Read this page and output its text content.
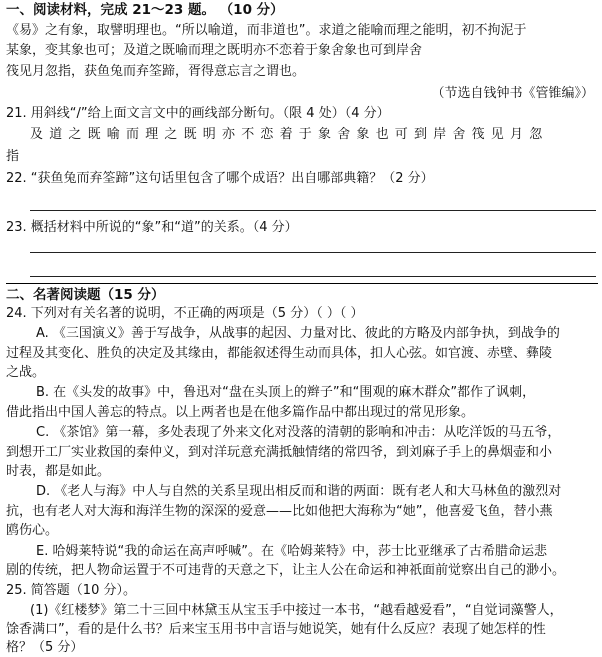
一、阅读材料，完成 21～23 题。 （10 分）
《易》之有象，取譬明理也。“所以喻道，而非道也”。求道之能喻而理之能明，初不拘泥于
某象，变其象也可；及道之既喻而理之既明亦不恋着于象舍象也可到岸舍
筏见月忽指，获鱼兔而弃筌蹄，胥得意忘言之谓也。
（节选自钱钟书《管锥编》）
21. 用斜线“/”给上面文言文中的画线部分断句。（限 4 处）（4 分）
及道之既喻而理之既明亦不恋着于象舍象也可到岸舍筏见月忽
指
22. “获鱼兔而弃筌蹄”这句话里包含了哪个成语？出自哪部典籍？（2 分）
23. 概括材料中所说的“象”和“道”的关系。（4 分）
二、名著阅读题（15 分）
24. 下列对有关名著的说明，不正确的两项是（5 分）（ ）（ ）
A. 《三国演义》善于写战争，从战事的起因、力量对比、彼此的方略及内部争执，到战争的
过程及其变化、胜负的决定及其缘由，都能叙述得生动而具体，扣人心弦。如官渡、赤壁、彝陵
之战。
B. 在《头发的故事》中，鲁迅对“盘在头顶上的辫子”和“围观的麻木群众”都作了讽刺，
借此指出中国人善忘的特点。以上两者也是在他多篇作品中都出现过的常见形象。
C. 《茶馆》第一幕，多处表现了外来文化对没落的清朝的影响和冲击：从吃洋饭的马五爷，
到想开工厂实业救国的秦仲义，到对洋玩意充满抵触情绪的常四爷，到刘麻子手上的鼻烟壶和小
时表，都是如此。
D. 《老人与海》中人与自然的关系呈现出相反而和谐的两面：既有老人和大马林鱼的激烈对
抗，也有老人对大海和海洋生物的深深的爱意——比如他把大海称为“她”，他喜爱飞鱼，替小燕
鸥伤心。
E. 哈姆莱特说“我的命运在高声呼喊”。在《哈姆莱特》中，莎士比亚继承了古希腊命运悲
剧的传统，把人物命运置于不可违背的天意之下，让主人公在命运和神祇面前觉察出自己的渺小。
25. 简答题（10 分）。
(1)《红楼梦》第二十三回中林黛玉从宝玉手中接过一本书，“越看越爱看”，“自觉词藻警人，
馀香满口”，看的是什么书？后来宝玉用书中言语与她说笑，她有什么反应？表现了她怎样的性
格？（5 分）
